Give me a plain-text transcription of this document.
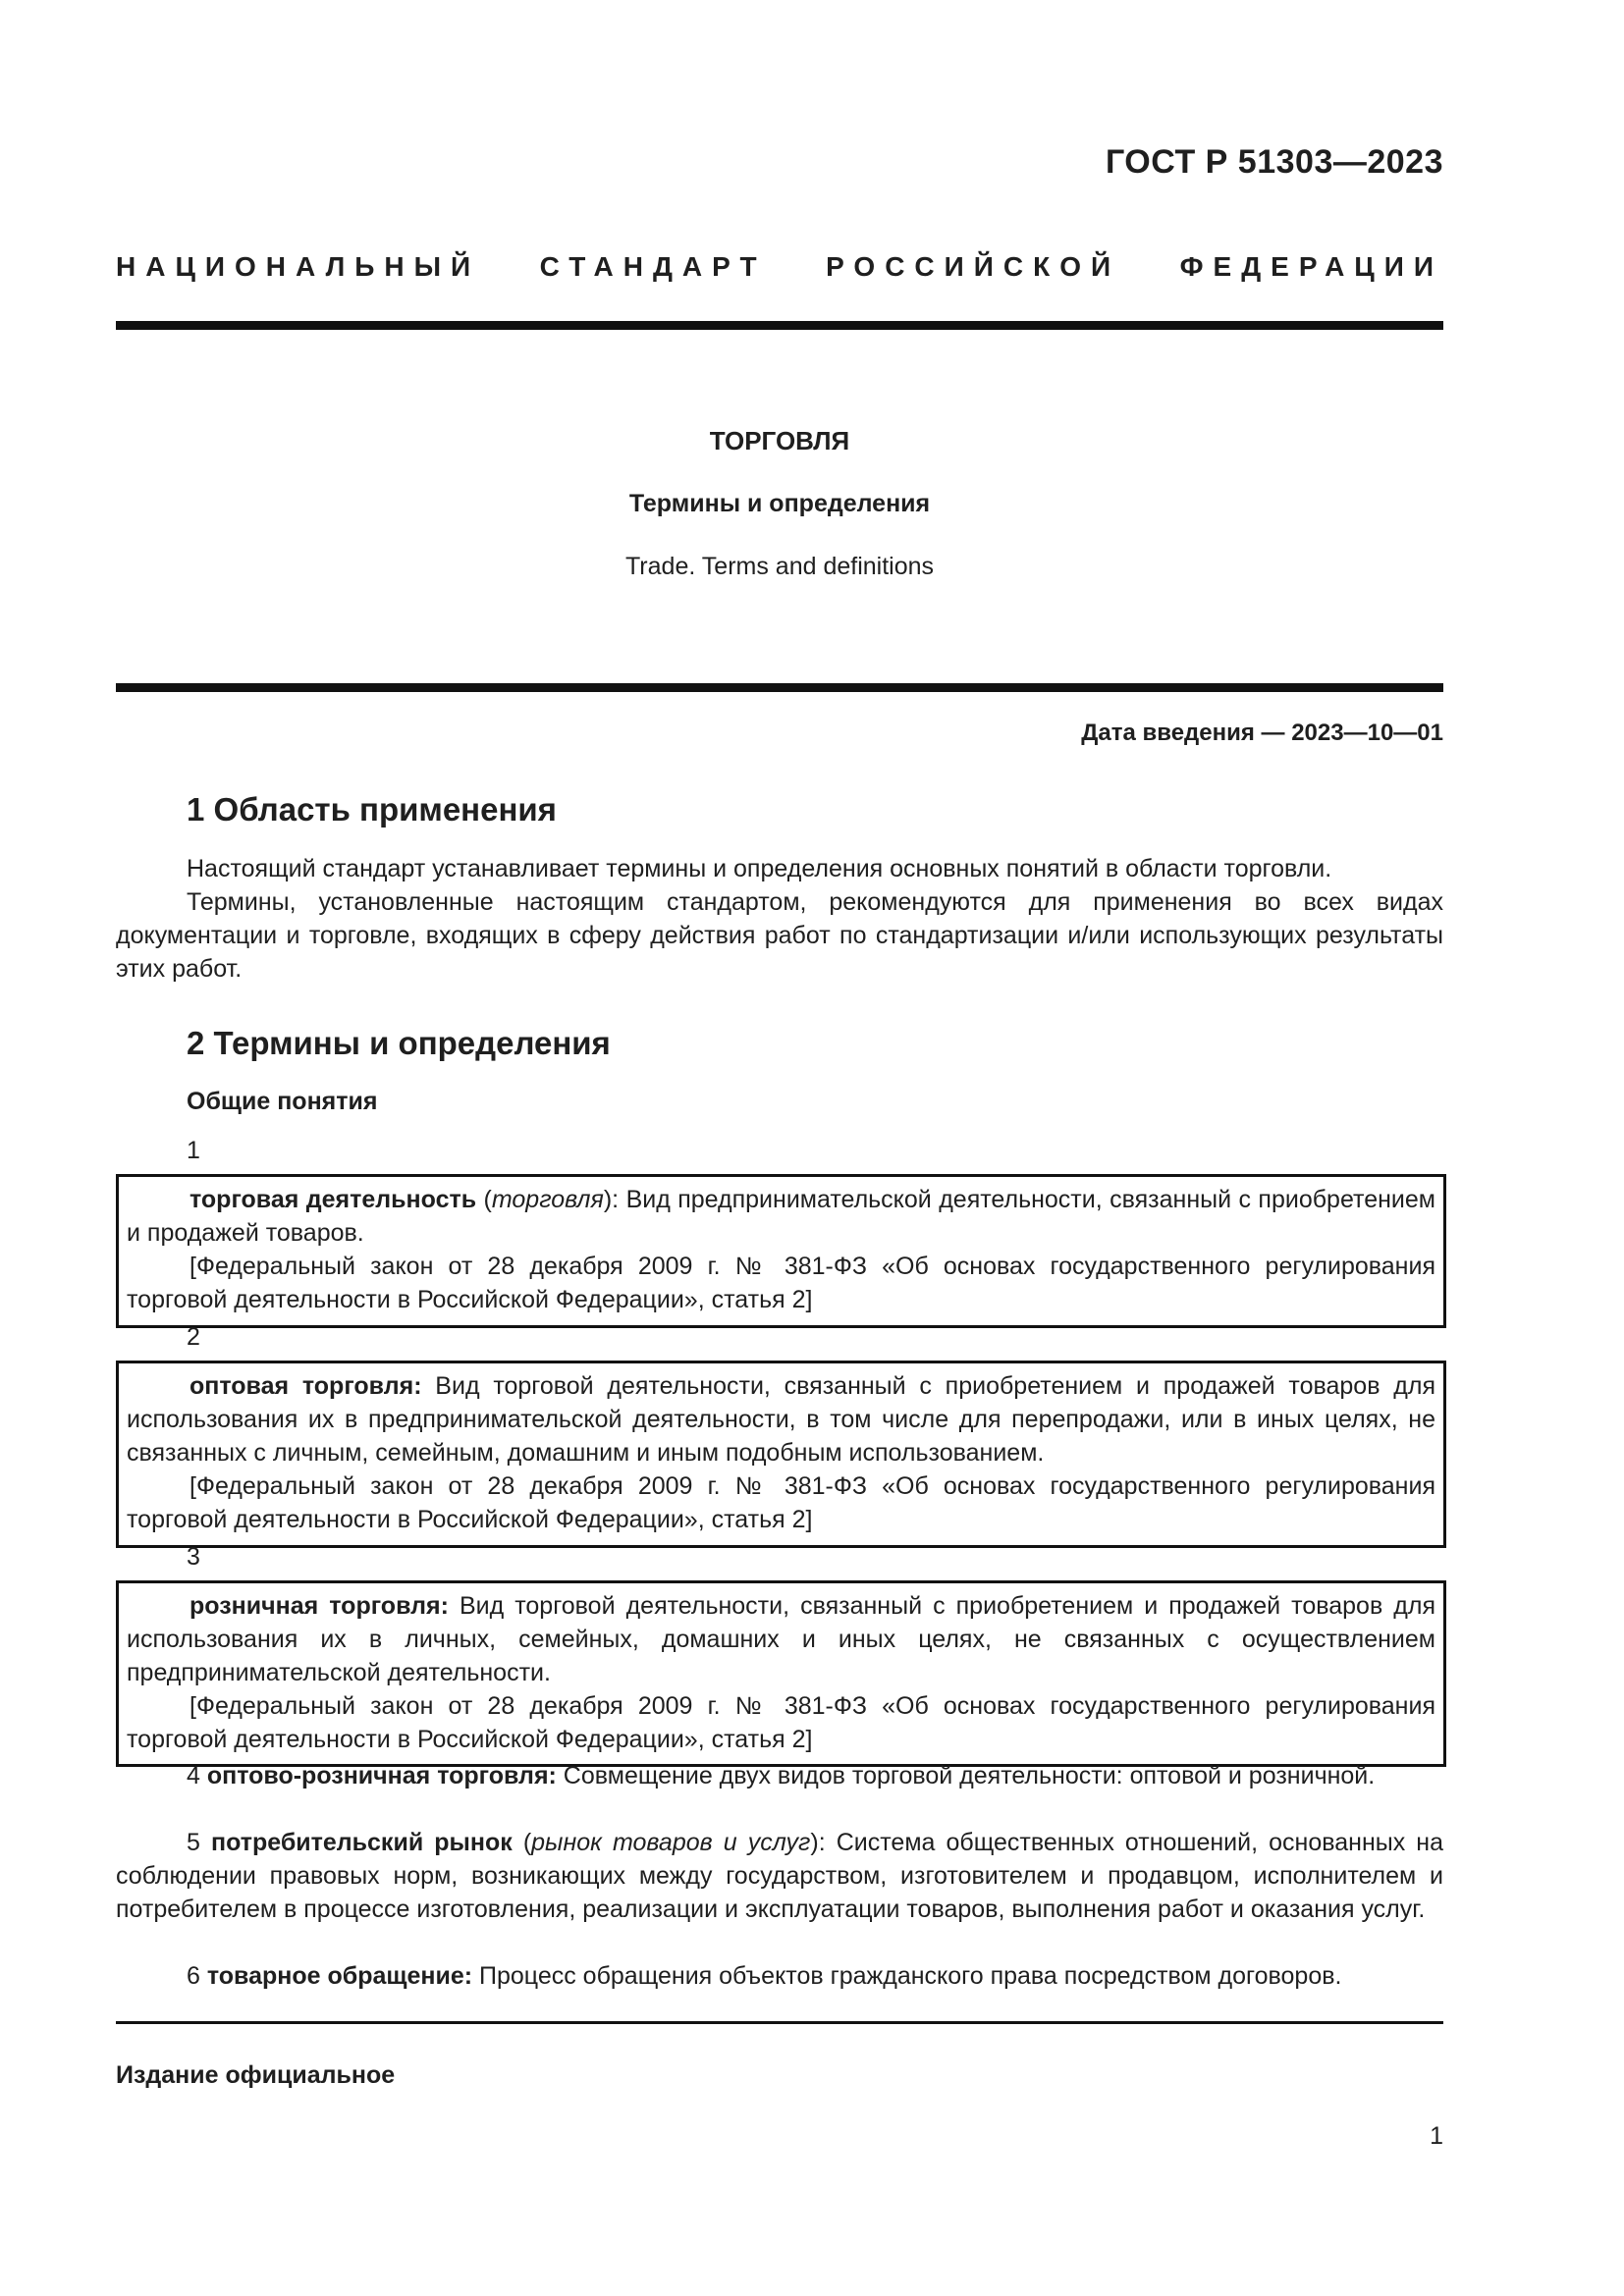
ГОСТ Р 51303—2023
НАЦИОНАЛЬНЫЙ СТАНДАРТ РОССИЙСКОЙ ФЕДЕРАЦИИ
ТОРГОВЛЯ
Термины и определения
Trade. Terms and definitions
Дата введения — 2023—10—01
1 Область применения
Настоящий стандарт устанавливает термины и определения основных понятий в области торговли.
Термины, установленные настоящим стандартом, рекомендуются для применения во всех видах документации и торговле, входящих в сферу действия работ по стандартизации и/или использующих результаты этих работ.
2 Термины и определения
Общие понятия
1

торговая деятельность (торговля): Вид предпринимательской деятельности, связанный с приобретением и продажей товаров.

[Федеральный закон от 28 декабря 2009 г. № 381-ФЗ «Об основах государственного регулирования торговой деятельности в Российской Федерации», статья 2]

2

оптовая торговля: Вид торговой деятельности, связанный с приобретением и продажей товаров для использования их в предпринимательской деятельности, в том числе для перепродажи, или в иных целях, не связанных с личным, семейным, домашним и иным подобным использованием.

[Федеральный закон от 28 декабря 2009 г. № 381-ФЗ «Об основах государственного регулирования торговой деятельности в Российской Федерации», статья 2]

3

розничная торговля: Вид торговой деятельности, связанный с приобретением и продажей товаров для использования их в личных, семейных, домашних и иных целях, не связанных с осуществлением предпринимательской деятельности.

[Федеральный закон от 28 декабря 2009 г. № 381-ФЗ «Об основах государственного регулирования торговой деятельности в Российской Федерации», статья 2]

4 оптово-розничная торговля: Совмещение двух видов торговой деятельности: оптовой и розничной.
5 потребительский рынок (рынок товаров и услуг): Система общественных отношений, основанных на соблюдении правовых норм, возникающих между государством, изготовителем и продавцом, исполнителем и потребителем в процессе изготовления, реализации и эксплуатации товаров, выполнения работ и оказания услуг.
6 товарное обращение: Процесс обращения объектов гражданского права посредством договоров.
Издание официальное
1
